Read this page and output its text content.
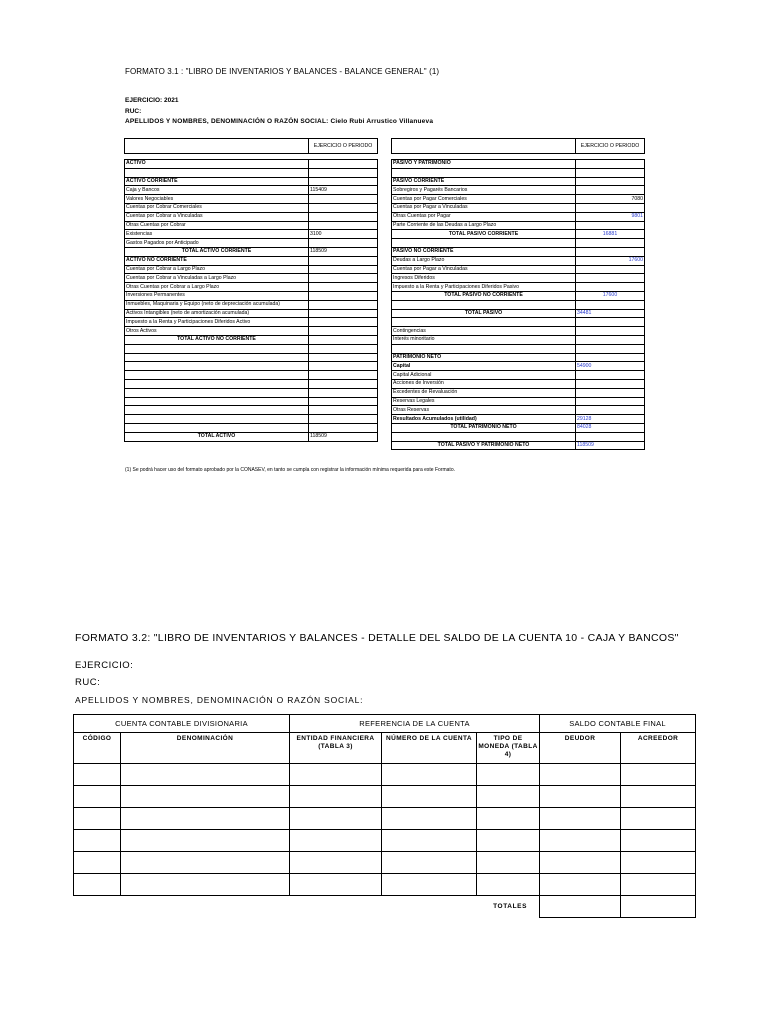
FORMATO 3.1 : "LIBRO DE INVENTARIOS Y BALANCES - BALANCE GENERAL" (1)
EJERCICIO: 2021
RUC:
APELLIDOS Y NOMBRES, DENOMINACIÓN O RAZÓN SOCIAL: Cielo Rubi Arrustico Villanueva
	EJERCICIO O PERIODO

ACTIVO	

ACTIVO CORRIENTE	
Caja y Bancos	115409
Valores Negociables	
Cuentas por Cobrar Comerciales	
Cuentas por Cobrar a Vinculadas	
Otras Cuentas por Cobrar	
Existencias	3100
Gastos Pagados por Anticipado	
TOTAL ACTIVO CORRIENTE	118509
ACTIVO NO CORRIENTE	
Cuentas por Cobrar a Largo Plazo	
Cuentas por Cobrar a Vinculadas a Largo Plazo	
Otras Cuentas por Cobrar a Largo Plazo	
Inversiones Permanentes	
Inmuebles, Maquinaria y Equipo (neto de depreciación acumulada)	
Activos Intangibles (neto de amortización acumulada)	
Impuesto a la Renta y Participaciones Diferidos Activo	
Otros Activos	
TOTAL ACTIVO NO CORRIENTE	

TOTAL ACTIVO	118509
	EJERCICIO O PERIODO

PASIVO Y PATRIMONIO	

PASIVO CORRIENTE	
Sobregiros y Pagarés Bancarios	
Cuentas por Pagar Comerciales	7080
Cuentas por Pagar a Vinculadas	
Otras Cuentas por Pagar	9801
Parte Corriente de las Deudas a Largo Plazo	
TOTAL PASIVO CORRIENTE	16881

PASIVO NO CORRIENTE	
Deudas a Largo Plazo	17600
Cuentas por Pagar a Vinculadas	
Ingresos Diferidos	
Impuesto a la Renta y Participaciones Diferidos Pasivo	
TOTAL PASIVO NO CORRIENTE	17600

TOTAL PASIVO	34481

Contingencias	
Interés minoritario	

PATRIMONIO NETO	
Capital	54900
Capital Adicional	
Acciones de Inversión	
Excedentes de Revaluación	
Reservas Legales	
Otras Reservas	
Resultados Acumulados (utilidad)	29128
TOTAL PATRIMONIO NETO	84028

TOTAL PASIVO Y PATRIMONIO NETO	118509
(1) Se podrá hacer uso del formato aprobado por la CONASEV, en tanto se cumpla con registrar la información mínima requerida para este Formato.
FORMATO 3.2: "LIBRO DE INVENTARIOS Y BALANCES - DETALLE DEL SALDO DE LA CUENTA 10 - CAJA Y BANCOS"
EJERCICIO:
RUC:
APELLIDOS Y NOMBRES, DENOMINACIÓN O RAZÓN SOCIAL:
CUENTA CONTABLE DIVISIONARIA		REFERENCIA DE LA CUENTA			SALDO CONTABLE FINAL	
CÓDIGO	DENOMINACIÓN	ENTIDAD FINANCIERA (TABLA 3)	NÚMERO DE LA CUENTA	TIPO DE MONEDA (TABLA 4)	DEUDOR	ACREEDOR

TOTALES						
